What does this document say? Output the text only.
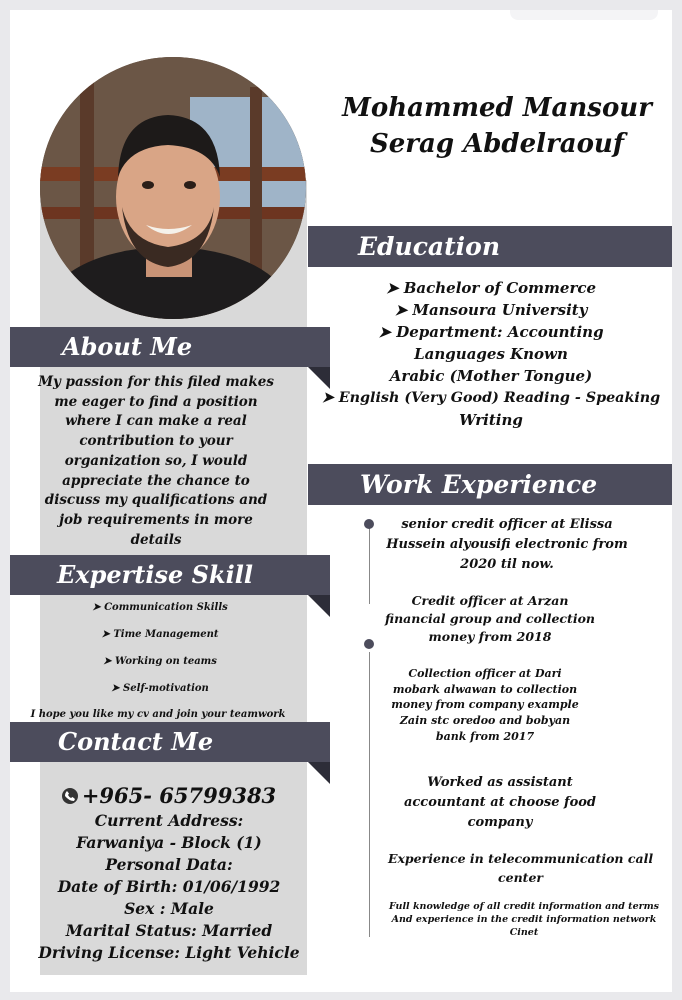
Mohammed Mansour
Serag Abdelraouf
Education
➤ Bachelor of Commerce
➤ Mansoura University
➤ Department: Accounting
Languages Known
Arabic (Mother Tongue)
➤ English (Very Good) Reading - Speaking
Writing
About Me
My passion for this filed makes me eager to find a position where I can make a real contribution to your organization so, I would appreciate the chance to discuss my qualifications and job requirements in more details
Expertise Skill
➤ Communication Skills
➤ Time Management
➤ Working on teams
➤ Self-motivation
I hope you like my cv and join your teamwork
Contact Me
+965- 65799383
Current Address:
Farwaniya - Block (1)
Personal Data:
Date of Birth: 01/06/1992
Sex : Male
Marital Status: Married
Driving License: Light Vehicle
Work Experience
senior credit officer at Elissa Hussein alyousifi electronic from 2020 til now.
Credit officer at Arzan financial group and collection money from 2018
Collection officer at Dari mobark alwawan to collection money from company example Zain stc oredoo and bobyan bank from 2017
Worked as assistant accountant at choose food company
Experience in telecommunication call center
Full knowledge of all credit information and terms And experience in the credit information network Cinet
